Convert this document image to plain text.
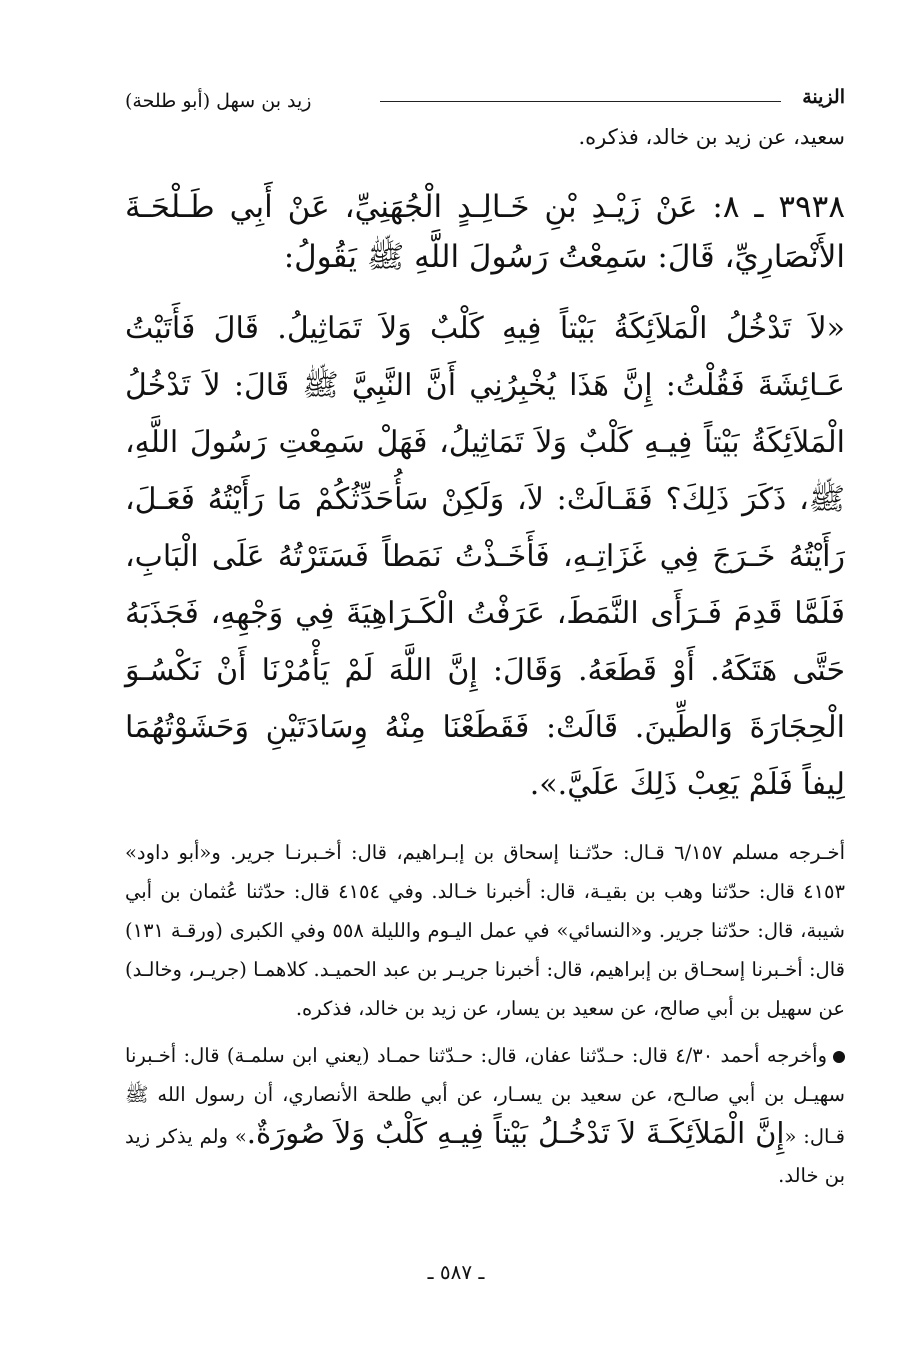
الزينة
زيد بن سهل (أبو طلحة)
سعيد، عن زيد بن خالد، فذكره.
٣٩٣٨ ـ ٨: عَنْ زَيْـدِ بْنِ خَـالِـدٍ الْجُهَنِيِّ، عَنْ أَبِي طَـلْحَـةَ الأَنْصَارِيِّ، قَالَ: سَمِعْتُ رَسُولَ اللَّهِ ﷺ يَقُولُ:
«لاَ تَدْخُلُ الْمَلاَئِكَةُ بَيْتاً فِيهِ كَلْبٌ وَلاَ تَمَاثِيلُ. قَالَ فَأَتَيْتُ عَـائِشَةَ فَقُلْتُ: إِنَّ هَذَا يُخْبِرُنِي أَنَّ النَّبِيَّ ﷺ قَالَ: لاَ تَدْخُلُ الْمَلاَئِكَةُ بَيْتاً فِيـهِ كَلْبٌ وَلاَ تَمَاثِيلُ، فَهَلْ سَمِعْتِ رَسُولَ اللَّهِ، ﷺ، ذَكَرَ ذَلِكَ؟ فَقَـالَتْ: لاَ، وَلَكِنْ سَأُحَدِّثُكُمْ مَا رَأَيْتُهُ فَعَـلَ، رَأَيْتُهُ خَـرَجَ فِي غَزَاتِـهِ، فَأَخَـذْتُ نَمَطاً فَسَتَرْتُهُ عَلَى الْبَابِ، فَلَمَّا قَدِمَ فَـرَأَى النَّمَطَ، عَرَفْتُ الْكَـرَاهِيَةَ فِي وَجْهِهِ، فَجَذَبَهُ حَتَّى هَتَكَهُ. أَوْ قَطَعَهُ. وَقَالَ: إِنَّ اللَّهَ لَمْ يَأْمُرْنَا أَنْ نَكْسُـوَ الْحِجَارَةَ وَالطِّينَ. قَالَتْ: فَقَطَعْنَا مِنْهُ وِسَادَتَيْنِ وَحَشَوْتُهُمَا لِيفاً فَلَمْ يَعِبْ ذَلِكَ عَلَيَّ.».
أخـرجه مسلم ٦/١٥٧ قـال: حدّثـنا إسحاق بن إبـراهيم، قال: أخـبرنـا جرير. و«أبو داود» ٤١٥٣ قال: حدّثنا وهب بن بقيـة، قال: أخبرنا خـالد. وفي ٤١٥٤ قال: حدّثنا عُثمان بن أبي شيبة، قال: حدّثنا جرير. و«النسائي» في عمل اليـوم والليلة ٥٥٨ وفي الكبرى (ورقـة ١٣١) قال: أخـبرنا إسحـاق بن إبراهيم، قال: أخبرنا جريـر بن عبد الحميـد. كلاهمـا (جريـر، وخالـد) عن سهيل بن أبي صالح، عن سعيد بن يسار، عن زيد بن خالد، فذكره.
وأخرجه أحمد ٤/٣٠ قال: حـدّثنا عفان، قال: حـدّثنا حمـاد (يعني ابن سلمـة) قال: أخـبرنا سهيـل بن أبي صالـح، عن سعيد بن يسـار، عن أبي طلحة الأنصاري، أن رسول الله ﷺ قـال: «إِنَّ الْمَلاَئِكَـةَ لاَ تَدْخُـلُ بَيْتاً فِيـهِ كَلْبٌ وَلاَ صُورَةٌ.» ولم يذكر زيد بن خالد.
ـ ٥٨٧ ـ
